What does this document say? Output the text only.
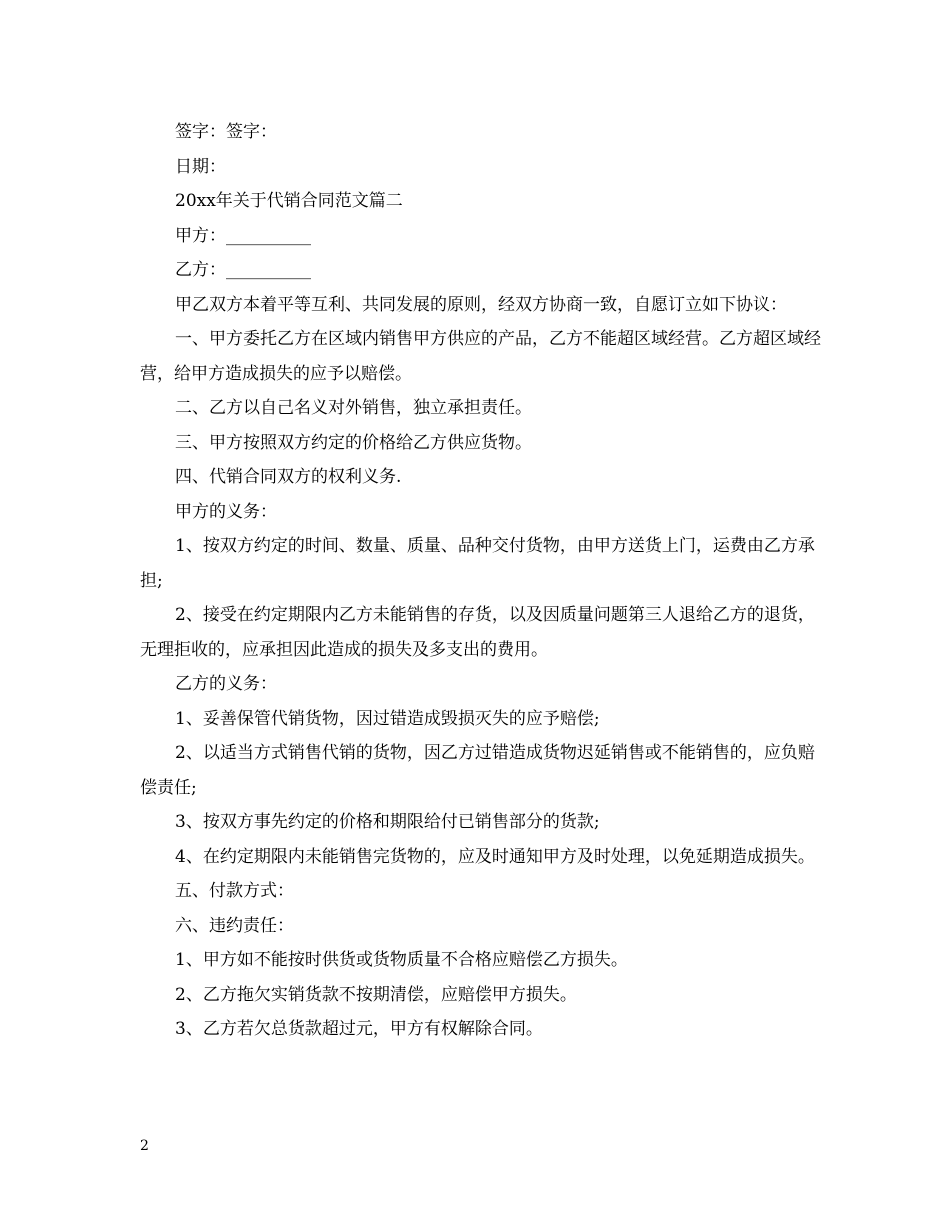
签字：签字：

日期：

20xx年关于代销合同范文篇二

甲方：__________

乙方：__________

甲乙双方本着平等互利、共同发展的原则，经双方协商一致，自愿订立如下协议：

一、甲方委托乙方在区域内销售甲方供应的产品，乙方不能超区域经营。乙方超区域经营，给甲方造成损失的应予以赔偿。

二、乙方以自己名义对外销售，独立承担责任。

三、甲方按照双方约定的价格给乙方供应货物。

四、代销合同双方的权利义务.

甲方的义务：

1、按双方约定的时间、数量、质量、品种交付货物，由甲方送货上门，运费由乙方承担;

2、接受在约定期限内乙方未能销售的存货，以及因质量问题第三人退给乙方的退货，无理拒收的，应承担因此造成的损失及多支出的费用。

乙方的义务：

1、妥善保管代销货物，因过错造成毁损灭失的应予赔偿;

2、以适当方式销售代销的货物，因乙方过错造成货物迟延销售或不能销售的，应负赔偿责任;

3、按双方事先约定的价格和期限给付已销售部分的货款;

4、在约定期限内未能销售完货物的，应及时通知甲方及时处理，以免延期造成损失。

五、付款方式：

六、违约责任：

1、甲方如不能按时供货或货物质量不合格应赔偿乙方损失。

2、乙方拖欠实销货款不按期清偿，应赔偿甲方损失。

3、乙方若欠总货款超过元，甲方有权解除合同。

2
